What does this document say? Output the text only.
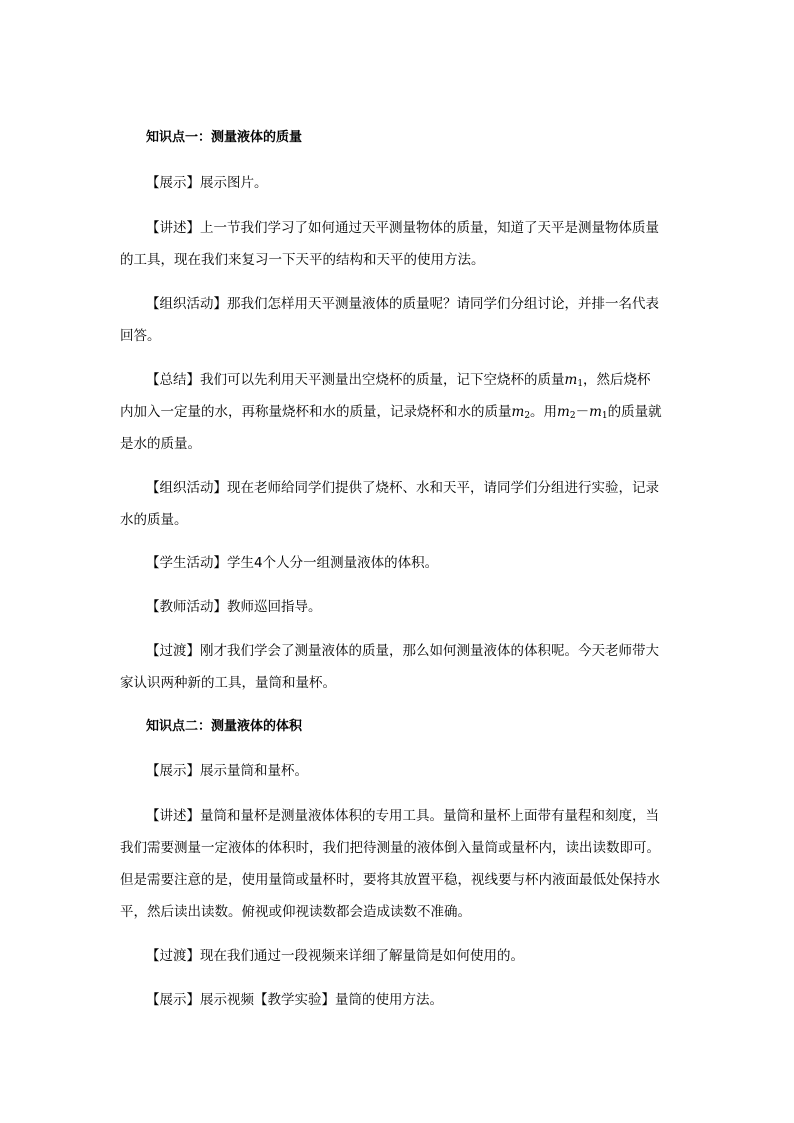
知识点一：测量液体的质量

【展示】展示图片。

【讲述】上一节我们学习了如何通过天平测量物体的质量，知道了天平是测量物体质量

的工具，现在我们来复习一下天平的结构和天平的使用方法。

【组织活动】那我们怎样用天平测量液体的质量呢？请同学们分组讨论，并排一名代表

回答。

【总结】我们可以先利用天平测量出空烧杯的质量，记下空烧杯的质量$m_1$，然后烧杯

内加入一定量的水，再称量烧杯和水的质量，记录烧杯和水的质量$m_2$。用$m_2-m_1$的质量就

是水的质量。

【组织活动】现在老师给同学们提供了烧杯、水和天平，请同学们分组进行实验，记录

水的质量。

【学生活动】学生4个人分一组测量液体的体积。

【教师活动】教师巡回指导。

【过渡】刚才我们学会了测量液体的质量，那么如何测量液体的体积呢。今天老师带大

家认识两种新的工具，量筒和量杯。

知识点二：测量液体的体积

【展示】展示量筒和量杯。

【讲述】量筒和量杯是测量液体体积的专用工具。量筒和量杯上面带有量程和刻度，当

我们需要测量一定液体的体积时，我们把待测量的液体倒入量筒或量杯内，读出读数即可。

但是需要注意的是，使用量筒或量杯时，要将其放置平稳，视线要与杯内液面最低处保持水

平，然后读出读数。俯视或仰视读数都会造成读数不准确。

【过渡】现在我们通过一段视频来详细了解量筒是如何使用的。

【展示】展示视频【教学实验】量筒的使用方法。
